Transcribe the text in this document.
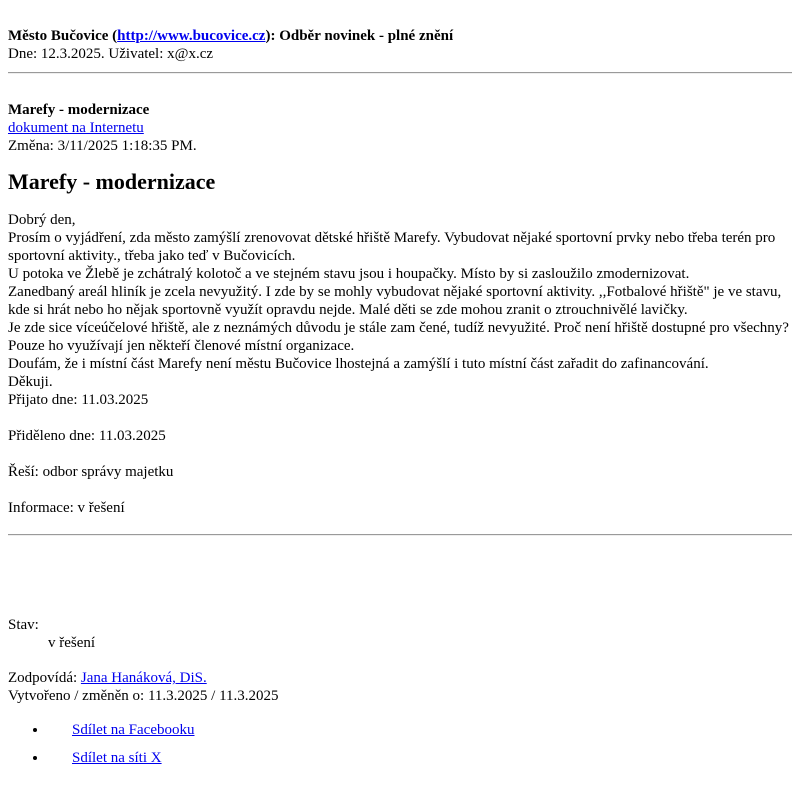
Město Bučovice (http://www.bucovice.cz): Odběr novinek - plné znění
Dne: 12.3.2025. Uživatel: x@x.cz
Marefy - modernizace
dokument na Internetu
Změna: 3/11/2025 1:18:35 PM.
Marefy - modernizace
Dobrý den,
Prosím o vyjádření, zda město zamýšlí zrenovovat dětské hřiště Marefy. Vybudovat nějaké sportovní prvky nebo třeba terén pro sportovní aktivity., třeba jako teď v Bučovicích.
U potoka ve Žlebě je zchátralý kolotoč a ve stejném stavu jsou i houpačky. Místo by si zasloužilo zmodernizovat.
Zanedbaný areál hliník je zcela nevyužitý. I zde by se mohly vybudovat nějaké sportovní aktivity. ,,Fotbalové hřiště" je ve stavu, kde si hrát nebo ho nějak sportovně využít opravdu nejde. Malé děti se zde mohou zranit o ztrouchnivělé lavičky.
Je zde sice víceúčelové hřiště, ale z neznámých důvodu je stále zam čené, tudíž nevyužité. Proč není hřiště dostupné pro všechny? Pouze ho využívají jen někteří členové místní organizace.
Doufám, že i místní část Marefy není městu Bučovice lhostejná a zamýšlí i tuto místní část zařadit do zafinancování.
Děkuji.
Přijato dne: 11.03.2025
Přiděleno dne: 11.03.2025
Řeší: odbor správy majetku
Informace: v řešení
Stav:
v řešení
Zodpovídá: Jana Hanáková, DiS.
Vytvořeno / změněn o: 11.3.2025 / 11.3.2025
• Sdílet na Facebooku
• Sdílet na síti X
